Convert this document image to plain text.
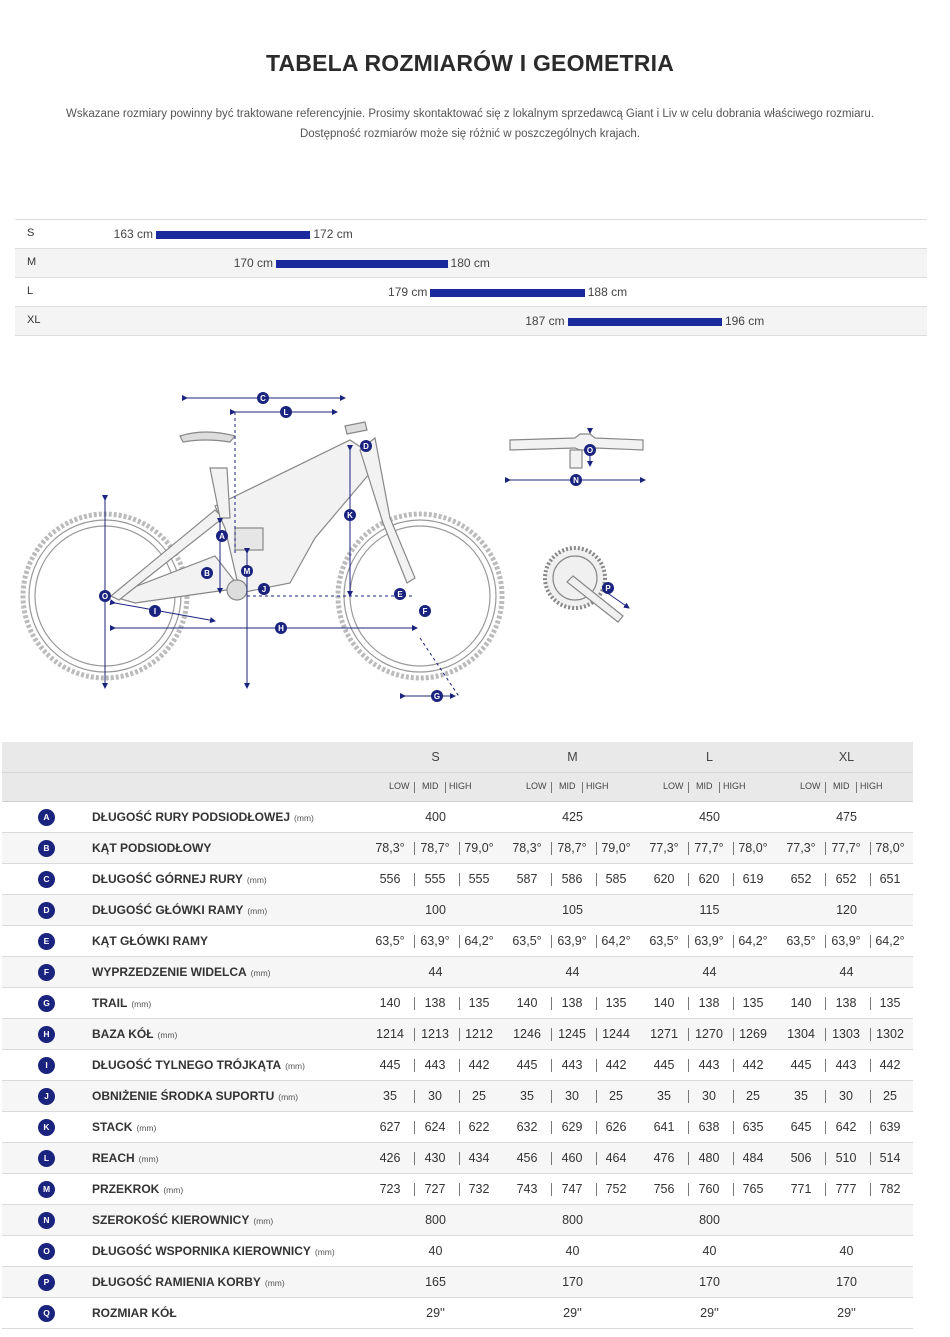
TABELA ROZMIARÓW I GEOMETRIA
Wskazane rozmiary powinny być traktowane referencyjnie. Prosimy skontaktować się z lokalnym sprzedawcą Giant i Liv w celu dobrania właściwego rozmiaru.
Dostępność rozmiarów może się różnić w poszczególnych krajach.
S	163 cm	172 cm
M	170 cm	180 cm
L	179 cm	188 cm
XL	187 cm	196 cm
C
L
D
K
A
B	M
J
O
I
H
E
F
G
N
O
P
S	M	L	XL
LOW MID HIGH	LOW MID HIGH	LOW MID HIGH	LOW MID HIGH
A	DŁUGOŚĆ RURY PODSIODŁOWEJ (mm)	400	425	450	475
B	KĄT PODSIODŁOWY	78,3°	78,7°	79,0°	78,3°	78,7°	79,0°	77,3°	77,7°	78,0°	77,3°	77,7°	78,0°
C	DŁUGOŚĆ GÓRNEJ RURY (mm)	556	555	555	587	586	585	620	620	619	652	652	651
D	DŁUGOŚĆ GŁÓWKI RAMY (mm)	100	105	115	120
E	KĄT GŁÓWKI RAMY	63,5°	63,9°	64,2°	63,5°	63,9°	64,2°	63,5°	63,9°	64,2°	63,5°	63,9°	64,2°
F	WYPRZEDZENIE WIDELCA (mm)	44	44	44	44
G	TRAIL (mm)	140	138	135	140	138	135	140	138	135	140	138	135
H	BAZA KÓŁ (mm)	1214	1213	1212	1246	1245	1244	1271	1270	1269	1304	1303	1302
I	DŁUGOŚĆ TYLNEGO TRÓJKĄTA (mm)	445	443	442	445	443	442	445	443	442	445	443	442
J	OBNIŻENIE ŚRODKA SUPORTU (mm)	35	30	25	35	30	25	35	30	25	35	30	25
K	STACK (mm)	627	624	622	632	629	626	641	638	635	645	642	639
L	REACH (mm)	426	430	434	456	460	464	476	480	484	506	510	514
M	PRZEKROK (mm)	723	727	732	743	747	752	756	760	765	771	777	782
N	SZEROKOŚĆ KIEROWNICY (mm)	800	800	800
O	DŁUGOŚĆ WSPORNIKA KIEROWNICY (mm)	40	40	40	40
P	DŁUGOŚĆ RAMIENIA KORBY (mm)	165	170	170	170
Q	ROZMIAR KÓŁ	29''	29''	29''	29''
